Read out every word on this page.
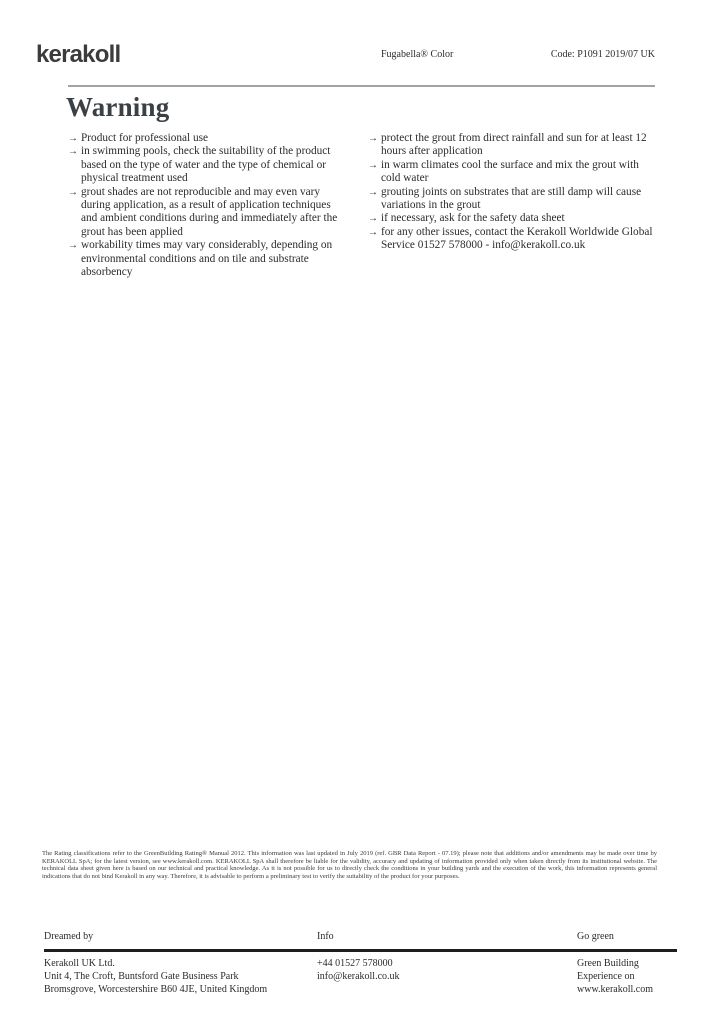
kerakoll	Fugabella® Color	Code: P1091 2019/07 UK
Warning
→ Product for professional use
→ in swimming pools, check the suitability of the product based on the type of water and the type of chemical or physical treatment used
→ grout shades are not reproducible and may even vary during application, as a result of application techniques and ambient conditions during and immediately after the grout has been applied
→ workability times may vary considerably, depending on environmental conditions and on tile and substrate absorbency
→ protect the grout from direct rainfall and sun for at least 12 hours after application
→ in warm climates cool the surface and mix the grout with cold water
→ grouting joints on substrates that are still damp will cause variations in the grout
→ if necessary, ask for the safety data sheet
→ for any other issues, contact the Kerakoll Worldwide Global Service 01527 578000 - info@kerakoll.co.uk

The Rating classifications refer to the GreenBuilding Rating® Manual 2012. This information was last updated in July 2019 (ref. GBR Data Report - 07.19); please note that additions and/or amendments may be made over time by KERAKOLL SpA; for the latest version, see www.kerakoll.com. KERAKOLL SpA shall therefore be liable for the validity, accuracy and updating of information provided only when taken directly from its institutional website. The technical data sheet given here is based on our technical and practical knowledge. As it is not possible for us to directly check the conditions in your building yards and the execution of the work, this information represents general indications that do not bind Kerakoll in any way. Therefore, it is advisable to perform a preliminary test to verify the suitability of the product for your purposes.

Dreamed by
Kerakoll UK Ltd.
Unit 4, The Croft, Buntsford Gate Business Park
Bromsgrove, Worcestershire B60 4JE, United Kingdom
Info
+44 01527 578000
info@kerakoll.co.uk
Go green
Green Building
Experience on
www.kerakoll.com
